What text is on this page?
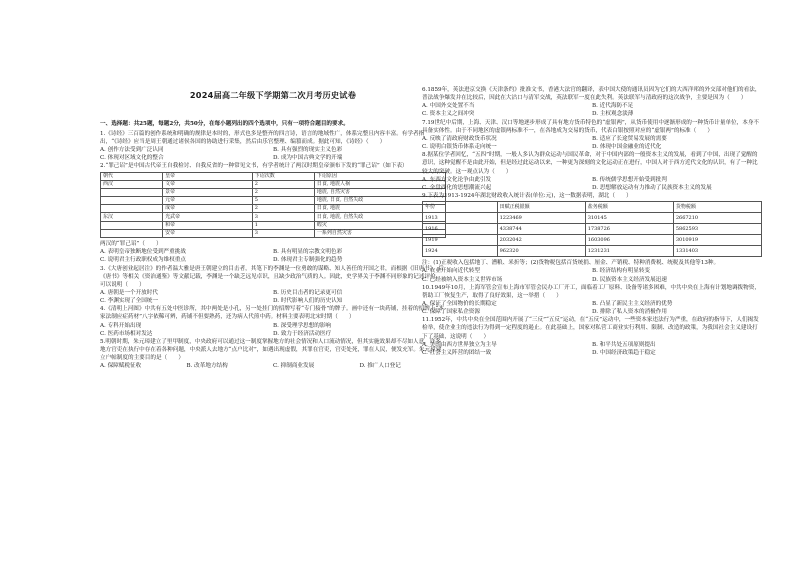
2024届高二年级下学期第二次月考历史试卷

一、选择题：共25题，每题2分，共50分，在每小题列出的四个选项中，只有一项符合题目的要求。

1.《诗经》三百篇的创作系统和明确的规律是本时的，形式也多是整齐的四言诗，语言的地域性广，体系完整且内容丰富。有学者指出，“《诗经》应当是周王朝通过诸侯各国的协助进行采集，然后由乐官整理、编篡而成。据此可知，《诗经》（　　）

A. 创作方法受到广泛认同	B. 具有强烈的现实主义色彩
C. 体现对区域文化的整合	D. 成为中国古典文学的开端

2.“罪己诏”是中国古代帝王自我检讨、自我反省的一种常见文书，有学者统计了两汉时期皇帝颁布下发的“罪己诏”（如下表）

朝代	皇帝	下诏次数	下诏原因
西汉	文帝	2	日食, 地震人祸
	景帝	2	地震, 自然灾害
	元帝	5	地震, 日食, 自然失政
	成帝	2	日食, 地震
东汉	光武帝	3	日食, 地震, 自然失政
	和帝	1	蝗灾
	安帝	3	一系列自然灾害

两汉的“罪己诏”（　　）

A. 表明皇帝独断地位受到严重挑战	B. 具有明显的宗教文明色彩
C. 说明君主行政职权成为维权重点	D. 体现君主专制强化的趋势

3.《大唐创业起居注》的作者温大雅是唐王朝建立的目击者，其笔下的李渊是一位勇敢的谋略、知人善任的开国之君，而根据《旧唐书》、后《唐书》等相关《资治通鉴》等文献记载，李渊是一个缺乏远见卓识，且缺少政治气质的人。因此，史学界关于李渊不同形象的记述评价，可以说明（　　）

A. 唐朝是一个开放时代	B. 历史目击者的记录更可信
C. 李渊实现了全国统一	D. 时代影响人们的历史认知

4.《清明上河图》中共有五处中医诊所，其中两处是小孔，另一处挂门的招牌写着“专门接骨”的牌子。画中还有一块药铺，挂着的招牌上“本家法制应症药材”八字依稀可辨，药铺不但要熟药，还为病人代煎中药。材料主要表明北宋时期（　　）

A. 专科开始出现	B. 深受理学思想的影响
C. 医药市场相对发达	D. 致力于经济活动医疗

5.明朝时期，朱元璋建立了里甲制度，中央政府可以通过这一制度掌握地方的社会情况和人口流动情况，但其实施效果却不尽如人意，许多地方官吏在执行中存在着各种问题，中央派人去地方“点户比对”，如遇出现虚假，其罪在官吏，官吏处死，罪在人民，便发充军。朱元璋建立户帖制度的主要目的是（　　）

A. 保障赋税征收	B. 改革地方结构	C. 抑制商业发展	D. 推广人口登记

6.1859年，英法进京交换《天津条约》批准文书，香港大法官的翻译，表中国大使的通讯员因为它们的大西洋邦的外交部对他们的看法，普法战争爆发并在比较后，因此在大沽口与清军交战，英法联军一度在此失利。英法联军与清政府的这次战争，主要是因为（　　）

A. 中国外交处置不当	B. 近代海防不足
C. 资本主义之间冲突	D. 主权观念淡薄

7.19世纪中后期，上海、天津、汉口等地逐步形成了具有地方货币特色的“虚银两”，从货币使用中逐渐形成的一种货币计量单位，本身不具备实体性。由于不同地区的虚银两标准不一，在各地成为交易的货币，代表白银按照对应的“虚银两”的标准（　　）

A. 反映了清政府财政货币状况	B. 适应了长途贸易发展的需要
C. 说明白银货币体系走向统一	D. 体现中国金融业的近代化

8.据某位学者回忆，“五四”时期，一般人多认为群众运动与国民革命，对于中国内部的一般资本主义的发展，看到了中国，出现了觉醒的意识，这种觉醒不是由此开始，但是经过此运动以来，一种更为深刻的文化运动正在进行，中国人对于西方近代文化的认识，有了一种比较大的突破。这一观点认为（　　）

A. 东西方文化论争由此引发	B. 传统儒学思想开始受到批判
C. 全盘西化的思想潮流兴起	D. 思想解放运动有力推动了民族资本主义的发展

9.下表为1913-1924年湖北财政收入统计表(单位:元)，这一数据表明，湖北（　　）

年份	田赋正税银额	盐务税额	货物税额
1913	1223469	310145	2667210
1916	4338744	1738726	5862593
1919	2032042	1603096	3010919
1924	962320	1231231	1331403

注：(1)正税收入包括地丁、漕粮、米折等；(2)货物税包括百货统捐、厘金、产销税、特种消费税、统税及其他等13种。

A. 农业开始向近代转型	B. 经济结构有明显转变
C. 已经被纳入资本主义世界市场	D. 民族资本主义经济发展迅速

10.1949年10月，上海军管会宣布上海市军管会民办工厂开工，面临着工厂原料、设备等诸多困难，中共中央在上海有计划地调拨物资，帮助工厂恢复生产，取得了良好效果，这一举措（　　）

A. 保证了全国物价的长期稳定	B. 凸显了新民主主义经济的优势
C. 保障了国家私企资源	D. 排除了私人资本的消极作用

11.1952年，中共中央在全国范围内开展了“三反”“五反”运动，在“五反”运动中，一些资本家违法行为严重，在政府的指导下，人们揭发检举，使企业主的违法行为得到一定程度的遏止。在此基础上，国家对私营工商业实行利用、限制、改造的政策，为我国社会主义建设打下了基础，这说明（　　）

A. 美国由西方世界独立为主导	B. 和平共处五项原则提出
C. 社会主义阵营的团结一致	D. 中国经济政策趋于稳定
